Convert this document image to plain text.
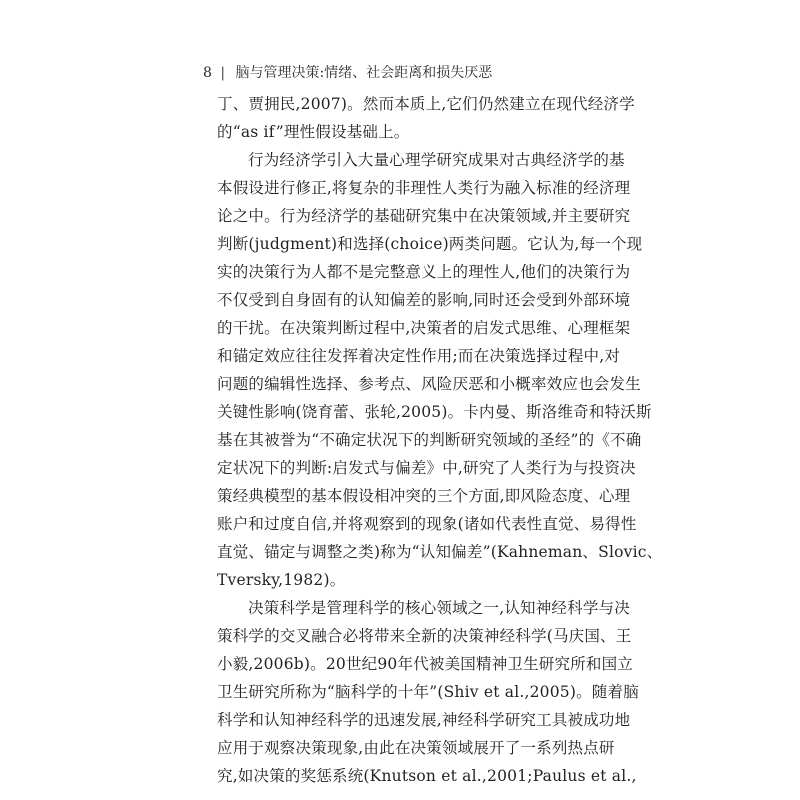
8 | 脑与管理决策:情绪、社会距离和损失厌恶
丁、贾拥民,2007)。然而本质上,它们仍然建立在现代经济学
的“as if”理性假设基础上。
行为经济学引入大量心理学研究成果对古典经济学的基
本假设进行修正,将复杂的非理性人类行为融入标准的经济理
论之中。行为经济学的基础研究集中在决策领域,并主要研究
判断(judgment)和选择(choice)两类问题。它认为,每一个现
实的决策行为人都不是完整意义上的理性人,他们的决策行为
不仅受到自身固有的认知偏差的影响,同时还会受到外部环境
的干扰。在决策判断过程中,决策者的启发式思维、心理框架
和锚定效应往往发挥着决定性作用;而在决策选择过程中,对
问题的编辑性选择、参考点、风险厌恶和小概率效应也会发生
关键性影响(饶育蕾、张轮,2005)。卡内曼、斯洛维奇和特沃斯
基在其被誉为“不确定状况下的判断研究领域的圣经”的《不确
定状况下的判断:启发式与偏差》中,研究了人类行为与投资决
策经典模型的基本假设相冲突的三个方面,即风险态度、心理
账户和过度自信,并将观察到的现象(诸如代表性直觉、易得性
直觉、锚定与调整之类)称为“认知偏差”(Kahneman、Slovic、
Tversky,1982)。
决策科学是管理科学的核心领域之一,认知神经科学与决
策科学的交叉融合必将带来全新的决策神经科学(马庆国、王
小毅,2006b)。20世纪90年代被美国精神卫生研究所和国立
卫生研究所称为“脑科学的十年”(Shiv et al.,2005)。随着脑
科学和认知神经科学的迅速发展,神经科学研究工具被成功地
应用于观察决策现象,由此在决策领域展开了一系列热点研
究,如决策的奖惩系统(Knutson et al.,2001;Paulus et al.,
